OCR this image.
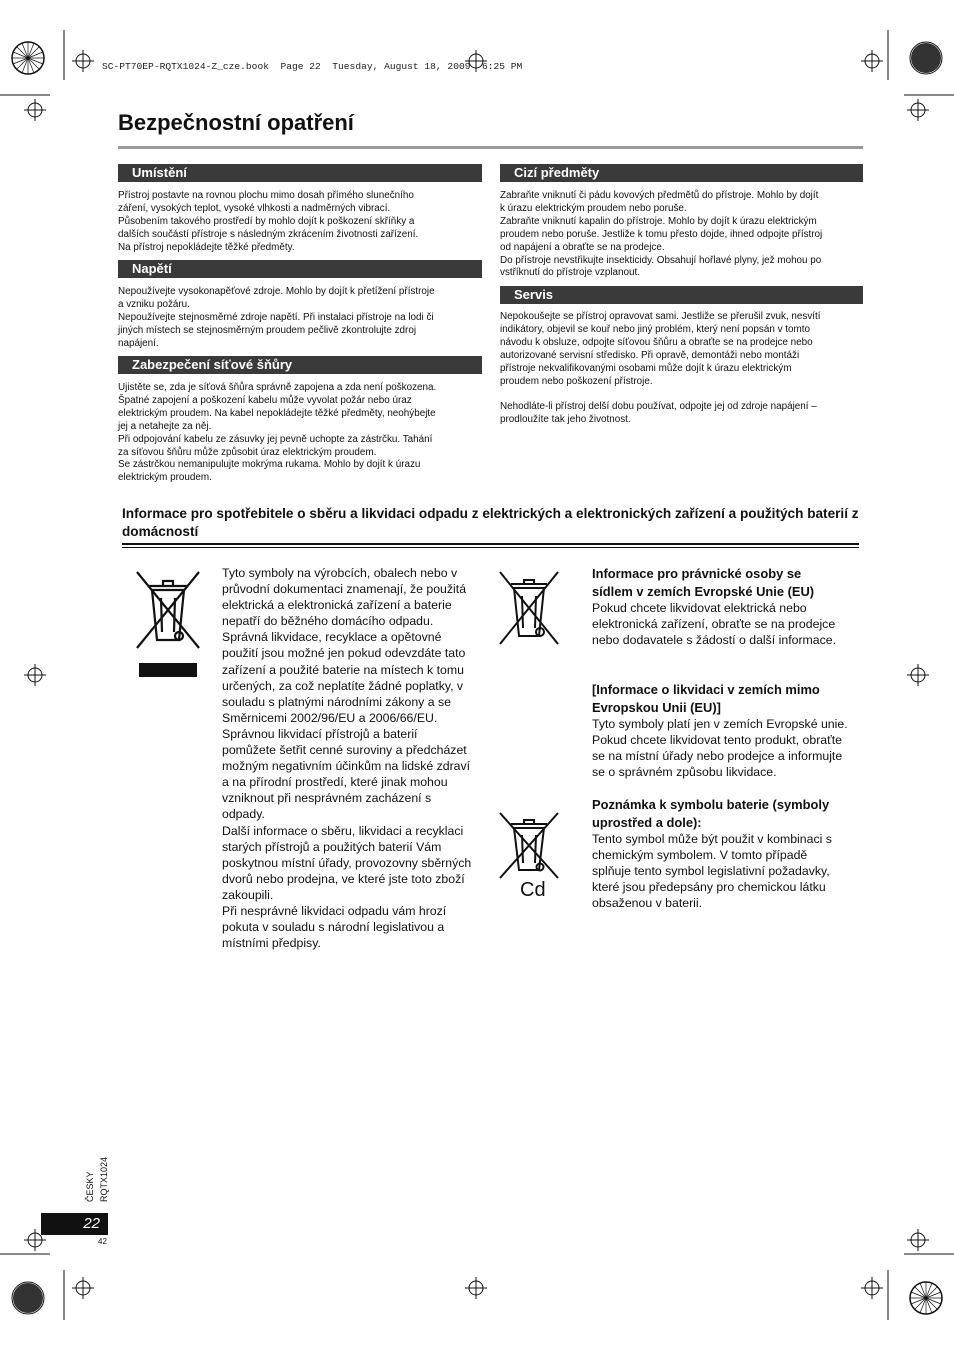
SC-PT70EP-RQTX1024-Z_cze.book  Page 22  Tuesday, August 18, 2009  6:25 PM
Bezpečnostní opatření
Umístění

Přístroj postavte na rovnou plochu mimo dosah přímého slunečního

záření, vysokých teplot, vysoké vlhkosti a nadměrných vibrací.

Působením takového prostředí by mohlo dojít k poškození skříňky a

dalších součástí přístroje s následným zkrácením životnosti zařízení.

Na přístroj nepokládejte těžké předměty.

Napětí

Nepoužívejte vysokonapěťové zdroje. Mohlo by dojít k přetížení přístroje

a vzniku požáru.

Nepoužívejte stejnosměrné zdroje napětí. Při instalaci přístroje na lodi či

jiných místech se stejnosměrným proudem pečlivě zkontrolujte zdroj

napájení.

Zabezpečení síťové šňůry

Ujistěte se, zda je síťová šňůra správně zapojena a zda není poškozena.

Špatné zapojení a poškození kabelu může vyvolat požár nebo úraz

elektrickým proudem. Na kabel nepokládejte těžké předměty, neohýbejte

jej a netahejte za něj.

Při odpojování kabelu ze zásuvky jej pevně uchopte za zástrčku. Tahání

za síťovou šňůru může způsobit úraz elektrickým proudem.

Se zástrčkou nemanipulujte mokrýma rukama. Mohlo by dojít k úrazu

elektrickým proudem.

Cizí předměty

Zabraňte vniknutí či pádu kovových předmětů do přístroje. Mohlo by dojít

k úrazu elektrickým proudem nebo poruše.

Zabraňte vniknutí kapalin do přístroje. Mohlo by dojít k úrazu elektrickým

proudem nebo poruše. Jestliže k tomu přesto dojde, ihned odpojte přístroj

od napájení a obraťte se na prodejce.

Do přístroje nevstřikujte insekticidy. Obsahují hořlavé plyny, jež mohou po

vstříknutí do přístroje vzplanout.

Servis

Nepokoušejte se přístroj opravovat sami. Jestliže se přerušil zvuk, nesvítí

indikátory, objevil se kouř nebo jiný problém, který není popsán v tomto

návodu k obsluze, odpojte síťovou šňůru a obraťte se na prodejce nebo

autorizované servisní středisko. Při opravě, demontáži nebo montáži

přístroje nekvalifikovanými osobami může dojít k úrazu elektrickým

proudem nebo poškození přístroje.

Nehodláte-li přístroj delší dobu používat, odpojte jej od zdroje napájení –

prodloužíte tak jeho životnost.

Informace pro spotřebitele o sběru a likvidaci odpadu z elektrických a elektronických zařízení a použitých baterií z domácností

Tyto symboly na výrobcích, obalech nebo v

průvodní dokumentaci znamenají, že použitá

elektrická a elektronická zařízení a baterie

nepatří do běžného domácího odpadu.

Správná likvidace, recyklace a opětovné

použití jsou možné jen pokud odevzdáte tato

zařízení a použité baterie na místech k tomu

určených, za což neplatíte žádné poplatky, v

souladu s platnými národními zákony a se

Směrnicemi 2002/96/EU a 2006/66/EU.

Správnou likvidací přístrojů a baterií

pomůžete šetřit cenné suroviny a předcházet

možným negativním účinkům na lidské zdraví

a na přírodní prostředí, které jinak mohou

vzniknout při nesprávném zacházení s

odpady.

Další informace o sběru, likvidaci a recyklaci

starých přístrojů a použitých baterií Vám

poskytnou místní úřady, provozovny sběrných

dvorů nebo prodejna, ve které jste toto zboží

zakoupili.

Při nesprávné likvidaci odpadu vám hrozí

pokuta v souladu s národní legislativou a

místními předpisy.

Informace pro právnické osoby se

sídlem v zemích Evropské Unie (EU)

Pokud chcete likvidovat elektrická nebo

elektronická zařízení, obraťte se na prodejce

nebo dodavatele s žádostí o další informace.

[Informace o likvidaci v zemích mimo

Evropskou Unii (EU)]

Tyto symboly platí jen v zemích Evropské unie.

Pokud chcete likvidovat tento produkt, obraťte

se na místní úřady nebo prodejce a informujte

se o správném způsobu likvidace.

Cd

Poznámka k symbolu baterie (symboly

uprostřed a dole):

Tento symbol může být použit v kombinaci s

chemickým symbolem. V tomto případě

splňuje tento symbol legislativní požadavky,

které jsou předepsány pro chemickou látku

obsaženou v baterii.

ČESKY RQTX1024
22
42
